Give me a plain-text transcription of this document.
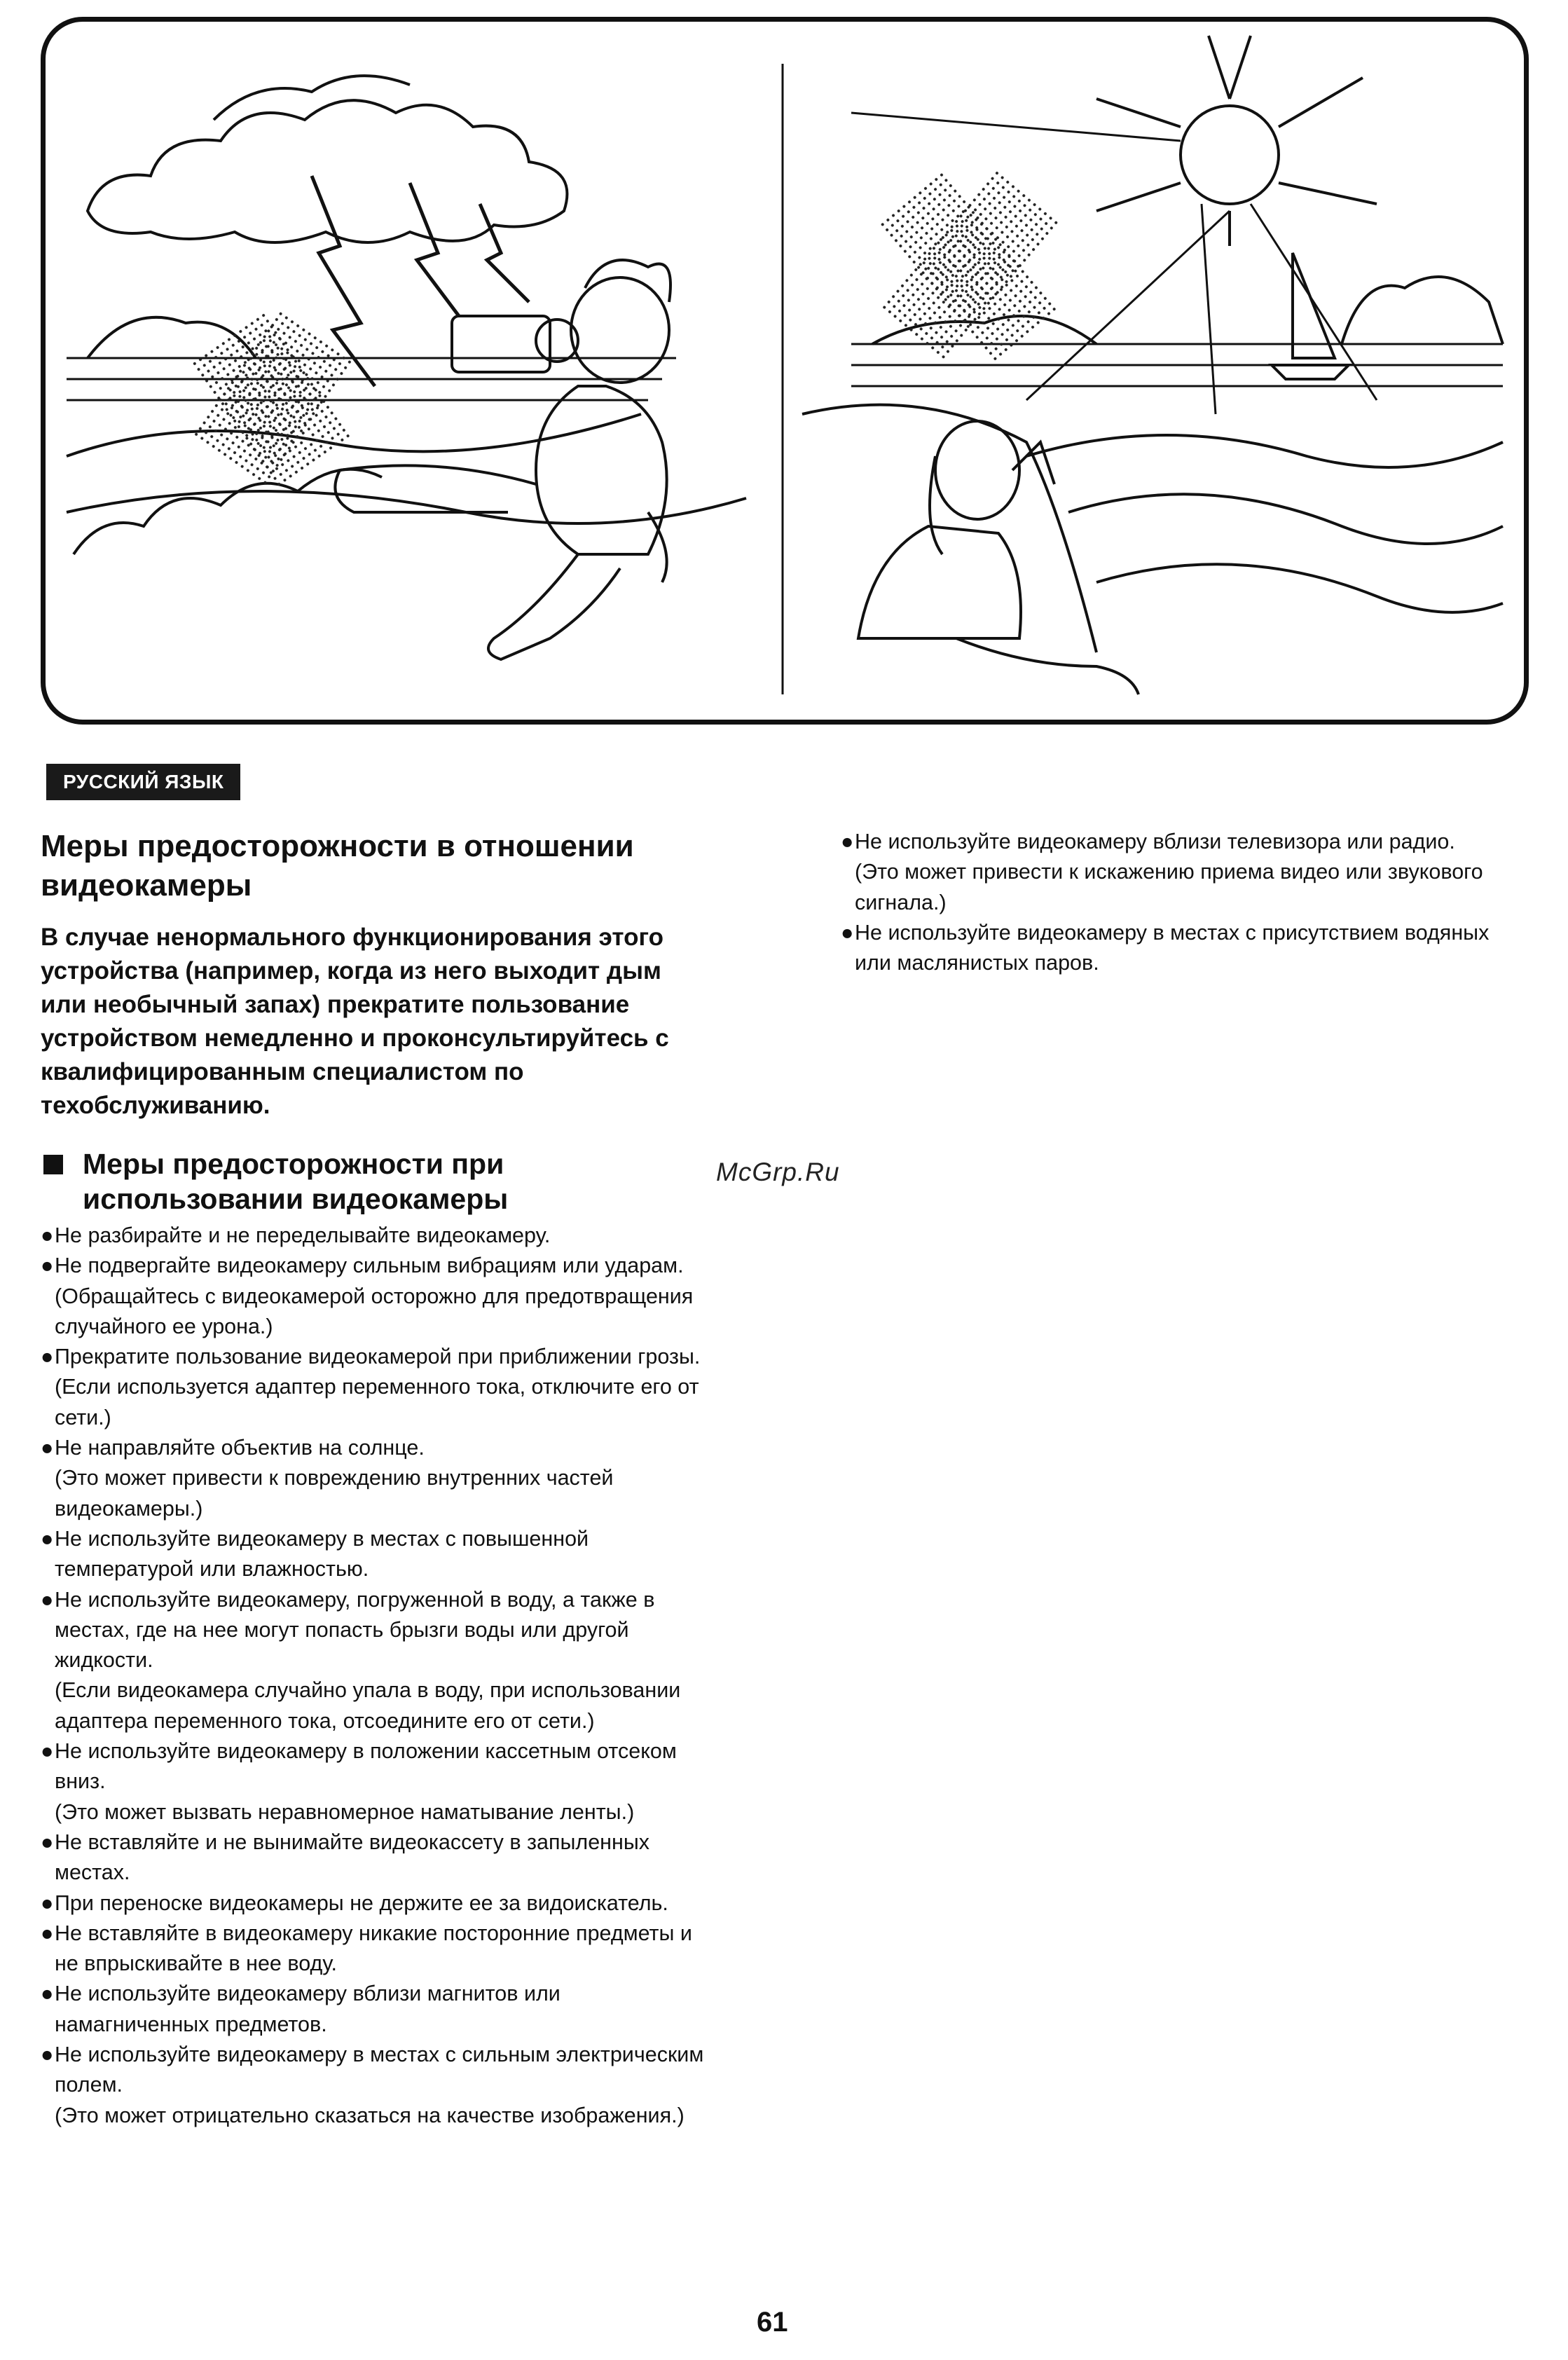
РУССКИЙ ЯЗЫК
Меры предосторожности в отношении видеокамеры
В случае ненормального функционирования этого устройства (например, когда из него выходит дым или необычный запах) прекратите пользование устройством немедленно и проконсультируйтесь с квалифицированным специалистом по техобслуживанию.
Меры предосторожности при использовании видеокамеры
● Не разбирайте и не переделывайте видеокамеру.
● Не подвергайте видеокамеру сильным вибрациям или ударам.
(Обращайтесь с видеокамерой осторожно для предотвращения случайного ее урона.)
● Прекратите пользование видеокамерой при приближении грозы.
(Если используется адаптер переменного тока, отключите его от сети.)
● Не направляйте объектив на солнце.
(Это может привести к повреждению внутренних частей видеокамеры.)
● Не используйте видеокамеру в местах с повышенной температурой или влажностью.
● Не используйте видеокамеру, погруженной в воду, а также в местах, где на нее могут попасть брызги воды или другой жидкости.
(Если видеокамера случайно упала в воду, при использовании адаптера переменного тока, отсоедините его от сети.)
● Не используйте видеокамеру в положении кассетным отсеком вниз.
(Это может вызвать неравномерное наматывание ленты.)
● Не вставляйте и не вынимайте видеокассету в запыленных местах.
● При переноске видеокамеры не держите ее за видоискатель.
● Не вставляйте в видеокамеру никакие посторонние предметы и не впрыскивайте в нее воду.
● Не используйте видеокамеру вблизи магнитов или намагниченных предметов.
● Не используйте видеокамеру в местах с сильным электрическим полем.
(Это может отрицательно сказаться на качестве изображения.)
● Не используйте видеокамеру вблизи телевизора или радио.
(Это может привести к искажению приема видео или звукового сигнала.)
● Не используйте видеокамеру в местах с присутствием водяных или маслянистых паров.
McGrp.Ru
61
